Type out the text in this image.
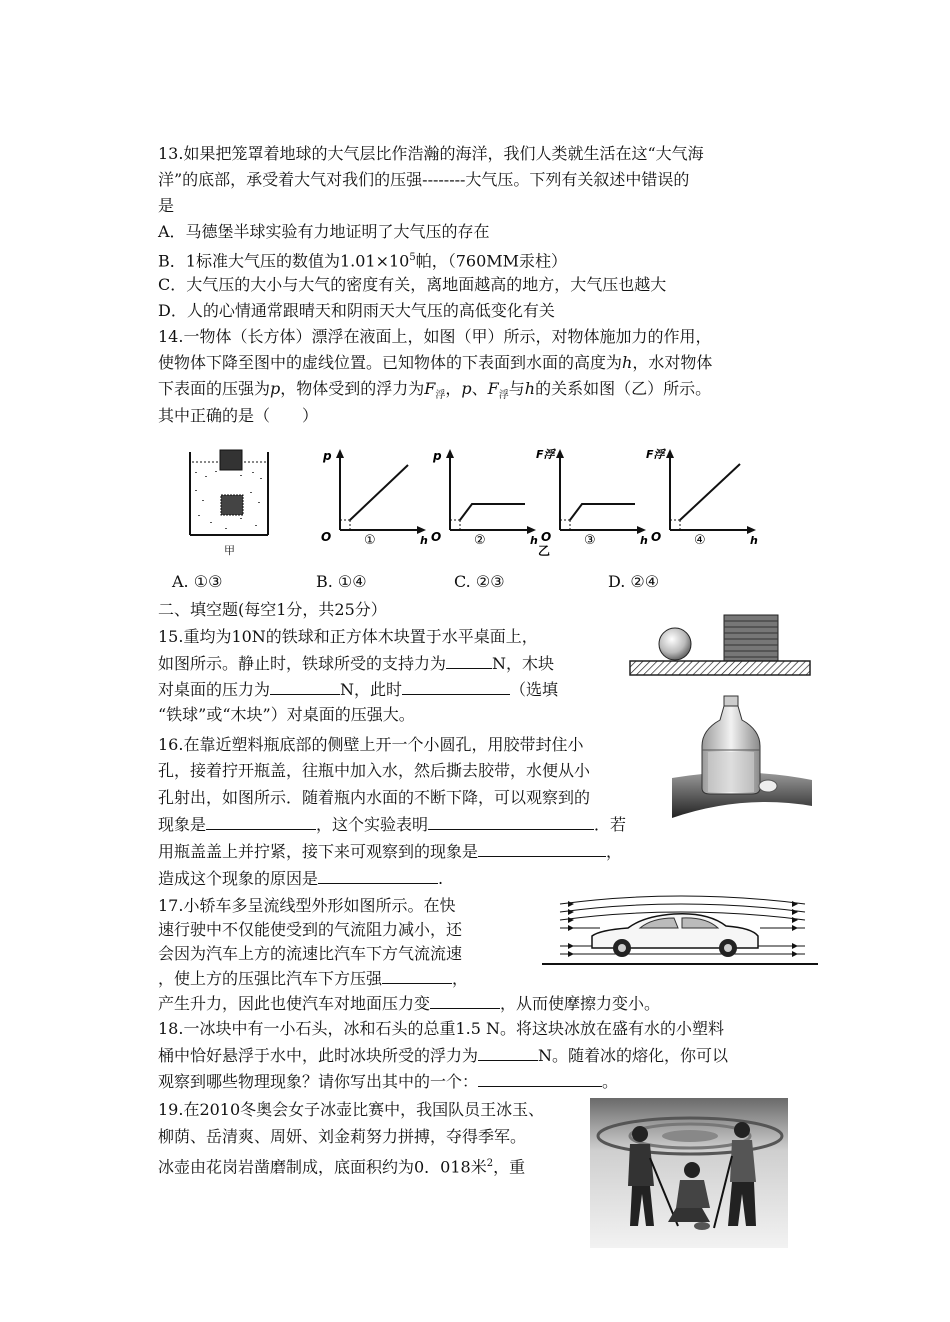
13.如果把笼罩着地球的大气层比作浩瀚的海洋，我们人类就生活在这“大气海
洋”的底部，承受着大气对我们的压强--------大气压。下列有关叙述中错误的
是
A．马德堡半球实验有力地证明了大气压的存在
B．1标准大气压的数值为$1.01\times 10^5$帕，（760MM汞柱）
C．大气压的大小与大气的密度有关，离地面越高的地方，大气压也越大
D．人的心情通常跟晴天和阴雨天大气压的高低变化有关
14.一物体（长方体）漂浮在液面上，如图（甲）所示，对物体施加力的作用，
使物体下降至图中的虚线位置。已知物体的下表面到水面的高度为h，水对物体
下表面的压强为p，物体受到的浮力为$F_浮$，p、$F_浮$与h的关系如图（乙）所示。
其中正确的是（　　）
甲
p
O	h
①
p
O	h
②
F浮
O	h
③
乙
F浮
O	h
④
A. ①③	B. ①④	C. ②③	D. ②④
二、填空题(每空1分，共25分）
15.重均为10N的铁球和正方体木块置于水平桌面上，
如图所示。静止时，铁球所受的支持力为	N，木块
对桌面的压力为	N，此时	（选填
“铁球”或“木块”）对桌面的压强大。
16.在靠近塑料瓶底部的侧壁上开一个小圆孔，用胶带封住小
孔，接着拧开瓶盖，往瓶中加入水，然后撕去胶带，水便从小
孔射出，如图所示．随着瓶内水面的不断下降，可以观察到的
现象是	，这个实验表明	．若
用瓶盖盖上并拧紧，接下来可观察到的现象是	，
造成这个现象的原因是	.
17.小轿车多呈流线型外形如图所示。在快
速行驶中不仅能使受到的气流阻力减小，还
会因为汽车上方的流速比汽车下方气流流速
，使上方的压强比汽车下方压强	，
产生升力，因此也使汽车对地面压力变	，从而使摩擦力变小。
18.一冰块中有一小石头，冰和石头的总重1.5 N。将这块冰放在盛有水的小塑料
桶中恰好悬浮于水中，此时冰块所受的浮力为	N。随着冰的熔化，你可以
观察到哪些物理现象？请你写出其中的一个：	。
19.在2010冬奥会女子冰壶比赛中，我国队员王冰玉、
柳荫、岳清爽、周妍、刘金莉努力拼搏，夺得季军。
冰壶由花岗岩凿磨制成，底面积约为0．018米$^2$，重
